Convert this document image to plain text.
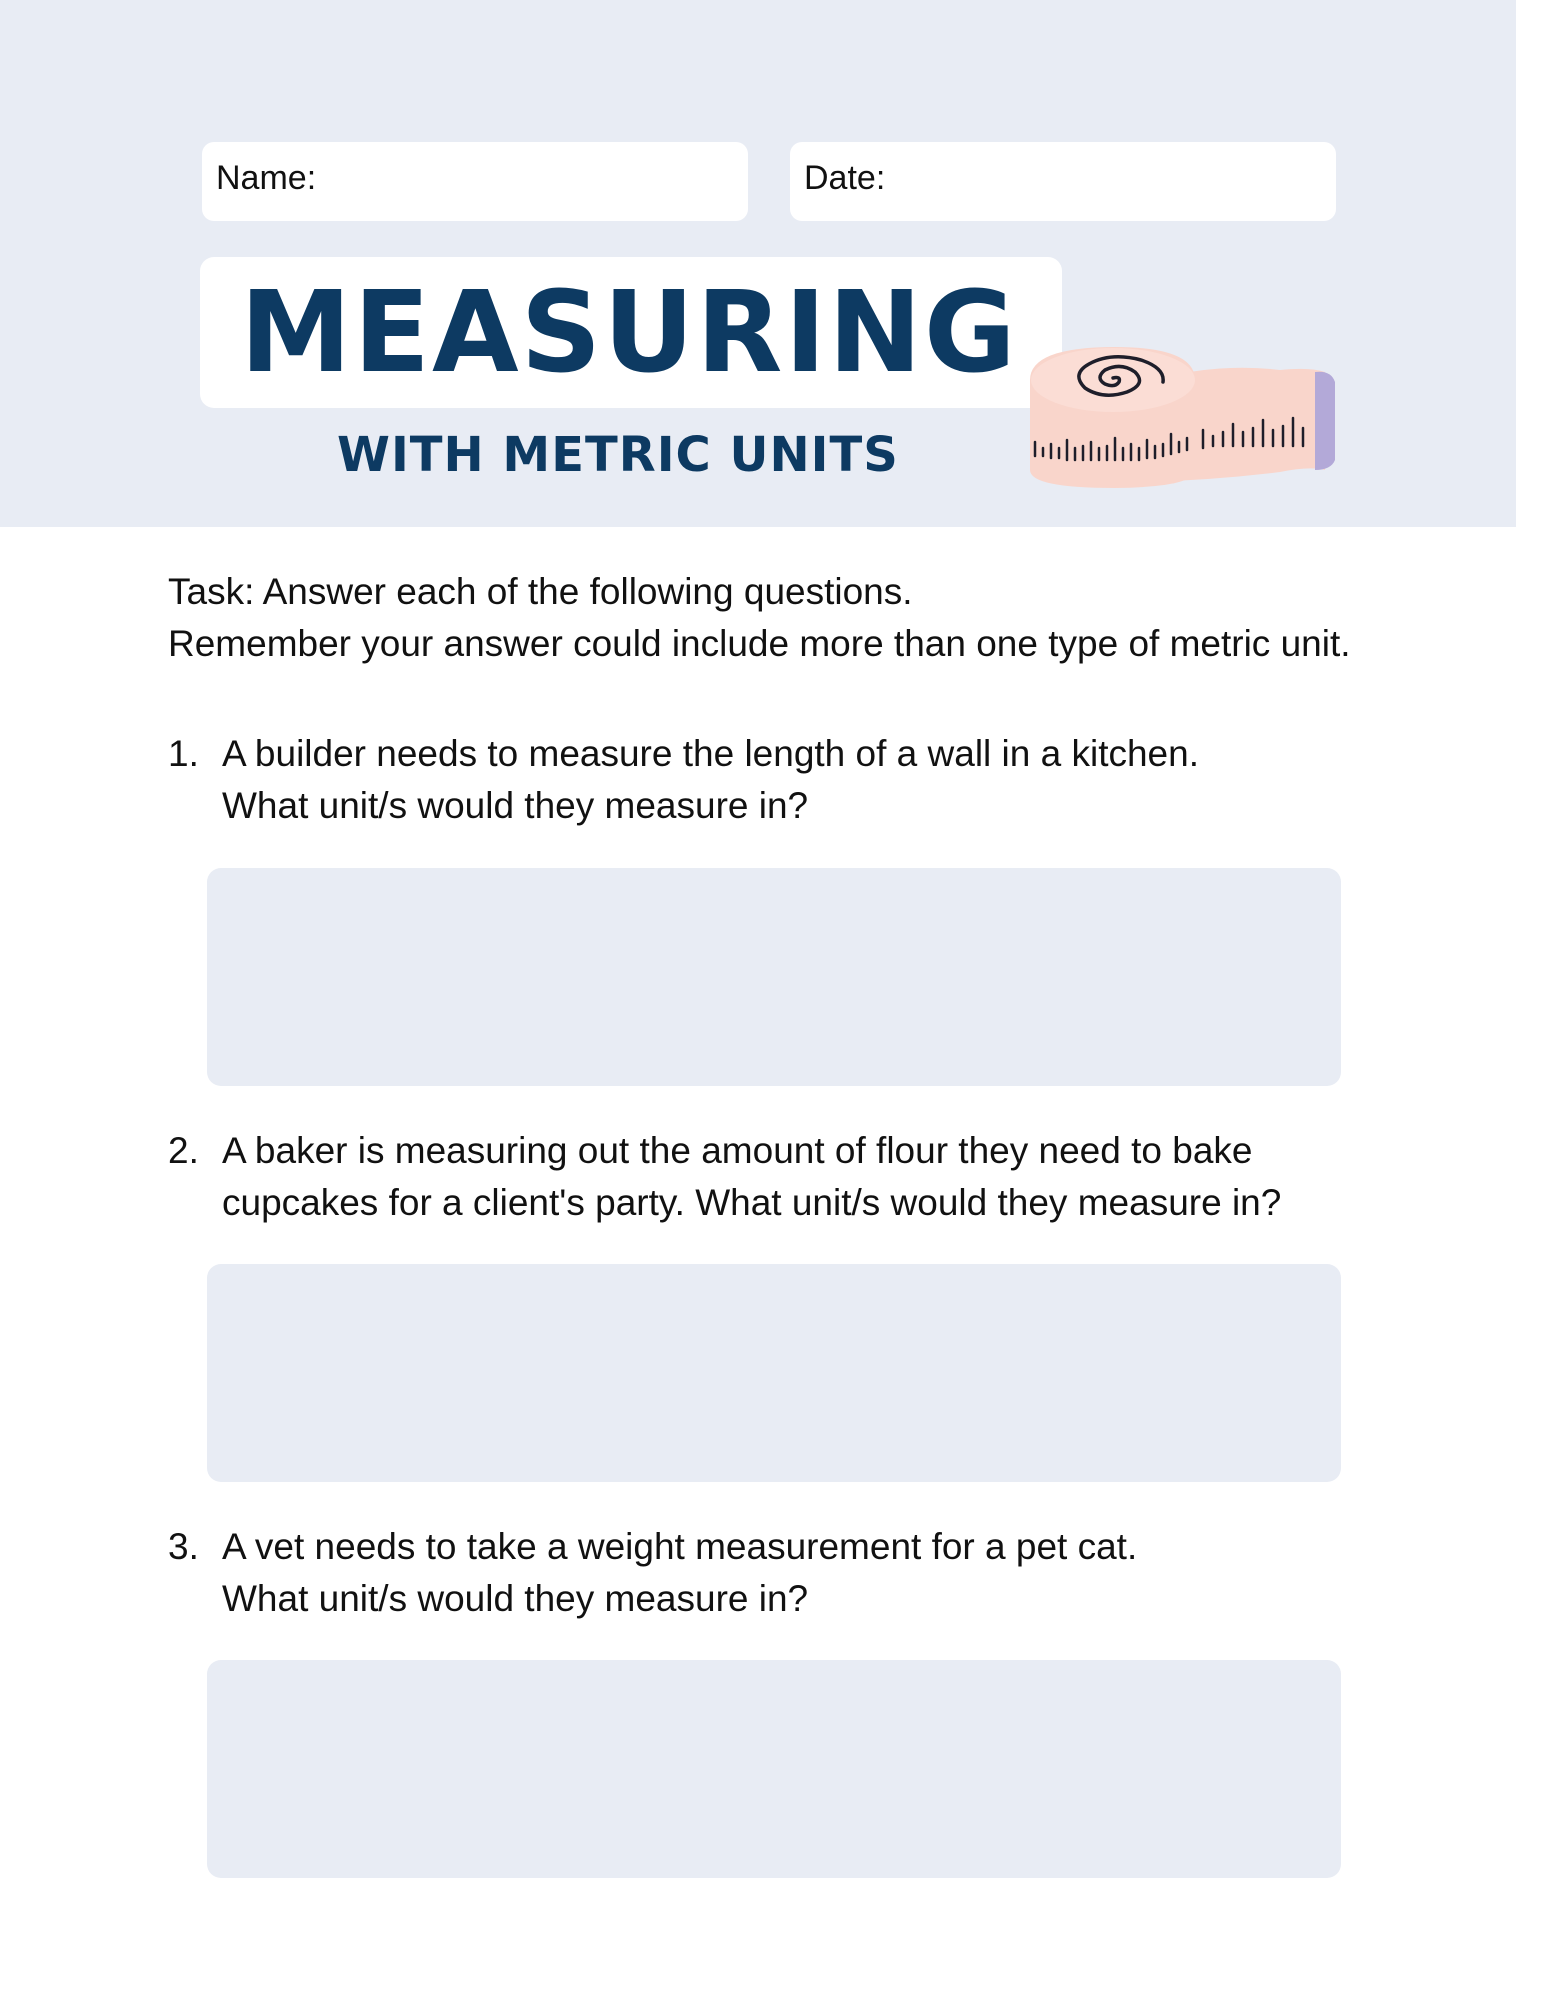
Name:	Date:
MEASURING
WITH METRIC UNITS

Task: Answer each of the following questions.

Remember your answer could include more than one type of metric unit.

1. A builder needs to measure the length of a wall in a kitchen.

What unit/s would they measure in?

2. A baker is measuring out the amount of flour they need to bake

cupcakes for a client's party. What unit/s would they measure in?

3. A vet needs to take a weight measurement for a pet cat.

What unit/s would they measure in?
